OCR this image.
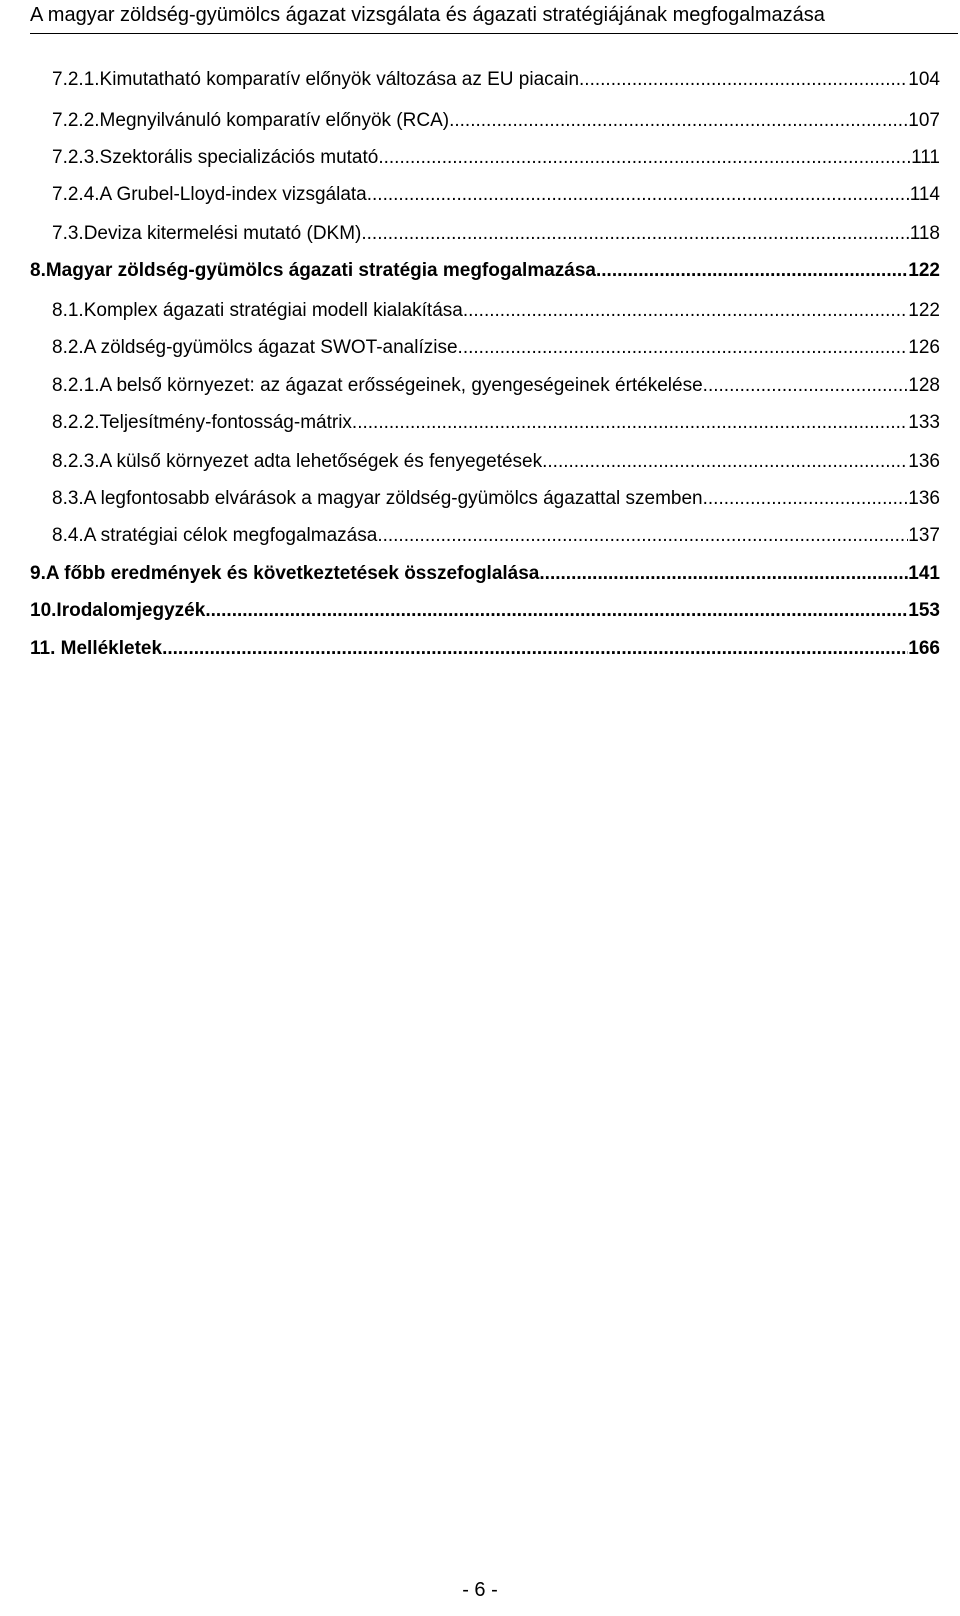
A magyar zöldség-gyümölcs ágazat vizsgálata és ágazati stratégiájának megfogalmazása
7.2.1. Kimutatható komparatív előnyök változása az EU piacain .....	104
7.2.2. Megnyilvánuló komparatív előnyök (RCA) .....	107
7.2.3. Szektorális specializációs mutató .....	111
7.2.4. A Grubel-Lloyd-index vizsgálata .....	114
7.3. Deviza kitermelési mutató (DKM) .....	118
8. Magyar zöldség-gyümölcs ágazati stratégia megfogalmazása .....	122
8.1. Komplex ágazati stratégiai modell kialakítása .....	122
8.2. A zöldség-gyümölcs ágazat SWOT-analízise .....	126
8.2.1. A belső környezet: az ágazat erősségeinek, gyengeségeinek értékelése .....	128
8.2.2. Teljesítmény-fontosság-mátrix .....	133
8.2.3. A külső környezet adta lehetőségek és fenyegetések .....	136
8.3. A legfontosabb elvárások a magyar zöldség-gyümölcs ágazattal szemben .....	136
8.4. A stratégiai célok megfogalmazása .....	137
9. A főbb eredmények és következtetések összefoglalása .....	141
10. Irodalomjegyzék .....	153
11. Mellékletek .....	166
- 6 -
